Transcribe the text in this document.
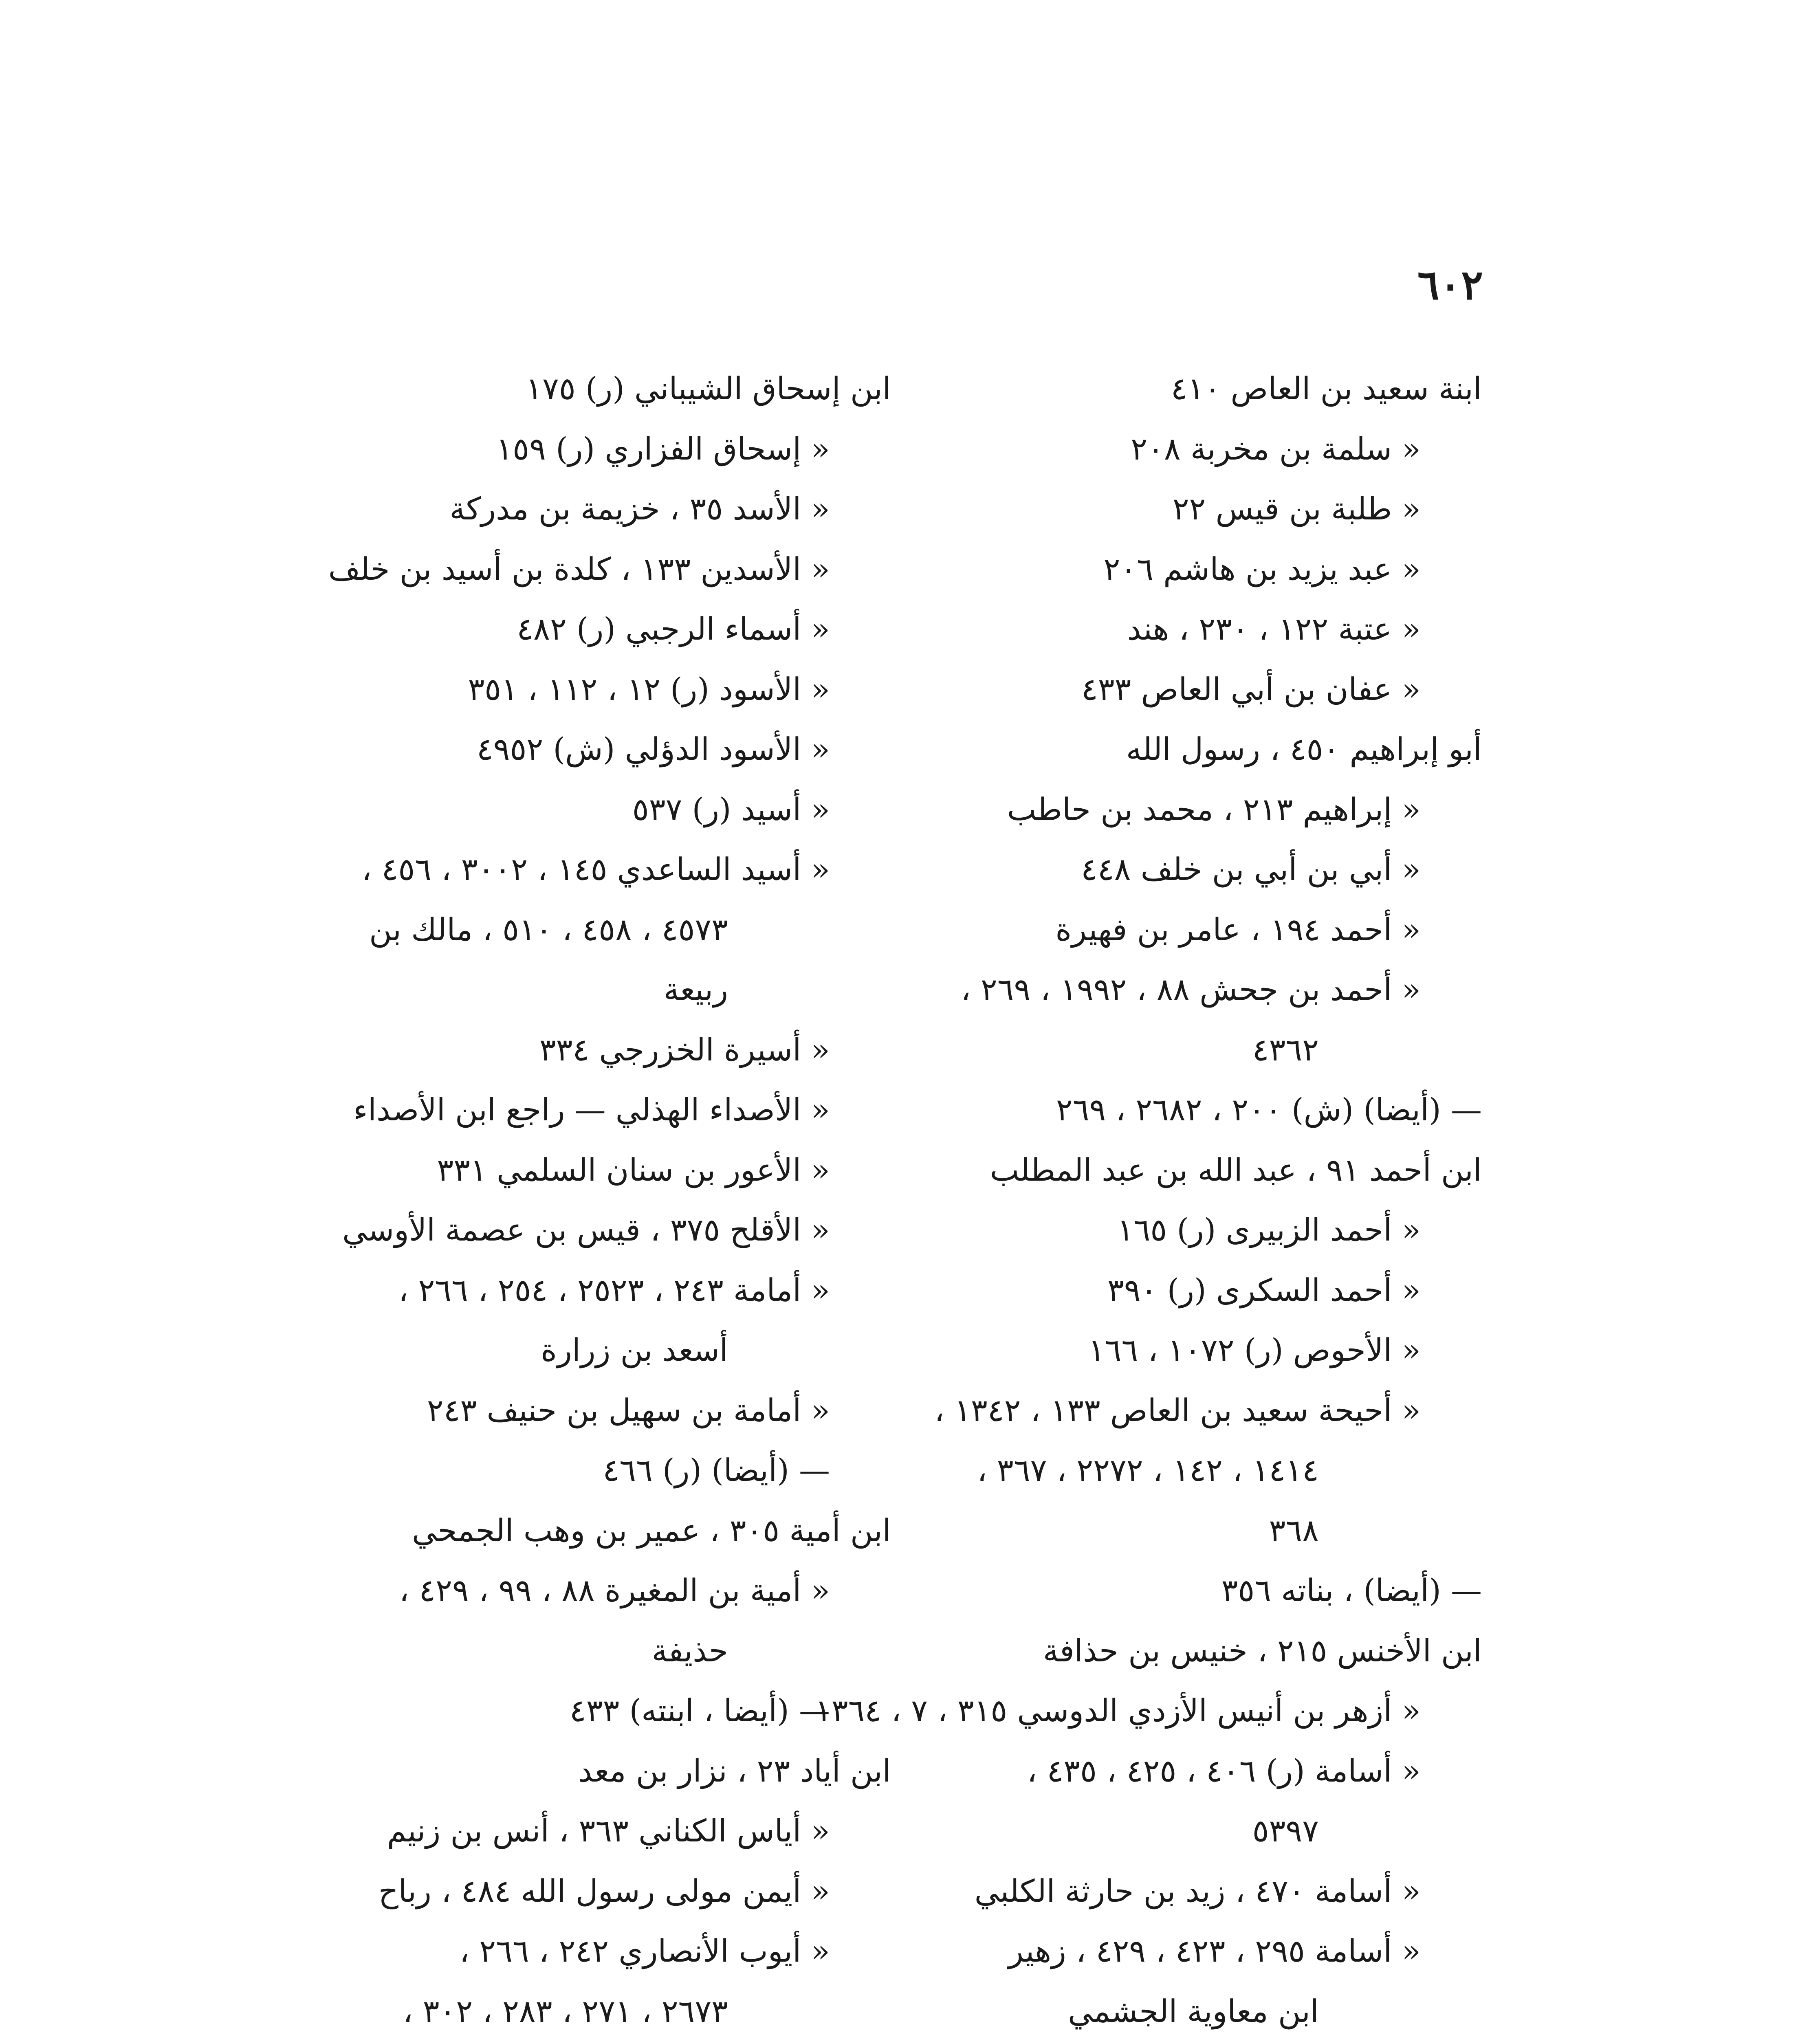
٦٠٢
ابنة سعيد بن العاص ٤١٠
« سلمة بن مخربة ٢٠٨
« طلبة بن قيس ٢٢
« عبد يزيد بن هاشم ٢٠٦
« عتبة ١٢٢ ، ٢٣٠ ، هند
« عفان بن أبي العاص ٤٣٣
أبو إبراهيم ٤٥٠ ، رسول الله
« إبراهيم ٢١٣ ، محمد بن حاطب
« أبي بن أبي بن خلف ٤٤٨
« أحمد ١٩٤ ، عامر بن فهيرة
« أحمد بن جحش ٨٨ ، ١٩٩٢ ، ٢٦٩ ،
٤٣٦٢
— (أيضا) (ش) ٢٠٠ ، ٢٦٨٢ ، ٢٦٩
ابن أحمد ٩١ ، عبد الله بن عبد المطلب
« أحمد الزبيرى (ر) ١٦٥
« أحمد السكرى (ر) ٣٩٠
« الأحوص (ر) ١٠٧٢ ، ١٦٦
« أحيحة سعيد بن العاص ١٣٣ ، ١٣٤٢ ،
١٤١٤ ، ١٤٢ ، ٢٢٧٢ ، ٣٦٧ ،
٣٦٨
— (أيضا) ، بناته ٣٥٦
ابن الأخنس ٢١٥ ، خنيس بن حذافة
« أزهر بن أنيس الأزدي الدوسي ٣١٥ ، ٧ ، ١٣٦٤
« أسامة (ر) ٤٠٦ ، ٤٢٥ ، ٤٣٥ ،
٥٣٩٧
« أسامة ٤٧٠ ، زيد بن حارثة الكلبي
« أسامة ٢٩٥ ، ٤٢٣ ، ٤٢٩ ، زهير
ابن معاوية الجشمي
ابن إسحاق الشيباني (ر) ١٧٥
« إسحاق الفزاري (ر) ١٥٩
« الأسد ٣٥ ، خزيمة بن مدركة
« الأسدين ١٣٣ ، كلدة بن أسيد بن خلف
« أسماء الرجبي (ر) ٤٨٢
« الأسود (ر) ١٢ ، ١١٢ ، ٣٥١
« الأسود الدؤلي (ش) ٤٩٥٢
« أسيد (ر) ٥٣٧
« أسيد الساعدي ١٤٥ ، ٣٠٠٢ ، ٤٥٦ ،
٤٥٧٣ ، ٤٥٨ ، ٥١٠ ، مالك بن
ربيعة
« أسيرة الخزرجي ٣٣٤
« الأصداء الهذلي — راجع ابن الأصداء
« الأعور بن سنان السلمي ٣٣١
« الأقلح ٣٧٥ ، قيس بن عصمة الأوسي
« أمامة ٢٤٣ ، ٢٥٢٣ ، ٢٥٤ ، ٢٦٦ ،
أسعد بن زرارة
« أمامة بن سهيل بن حنيف ٢٤٣
— (أيضا) (ر) ٤٦٦
ابن أمية ٣٠٥ ، عمير بن وهب الجمحي
« أمية بن المغيرة ٨٨ ، ٩٩ ، ٤٢٩ ،
حذيفة
— (أيضا ، ابنته) ٤٣٣
ابن أياد ٢٣ ، نزار بن معد
« أياس الكناني ٣٦٣ ، أنس بن زنيم
« أيمن مولى رسول الله ٤٨٤ ، رباح
« أيوب الأنصاري ٢٤٢ ، ٢٦٦ ،
٢٦٧٣ ، ٢٧١ ، ٢٨٣ ، ٣٠٢ ،
